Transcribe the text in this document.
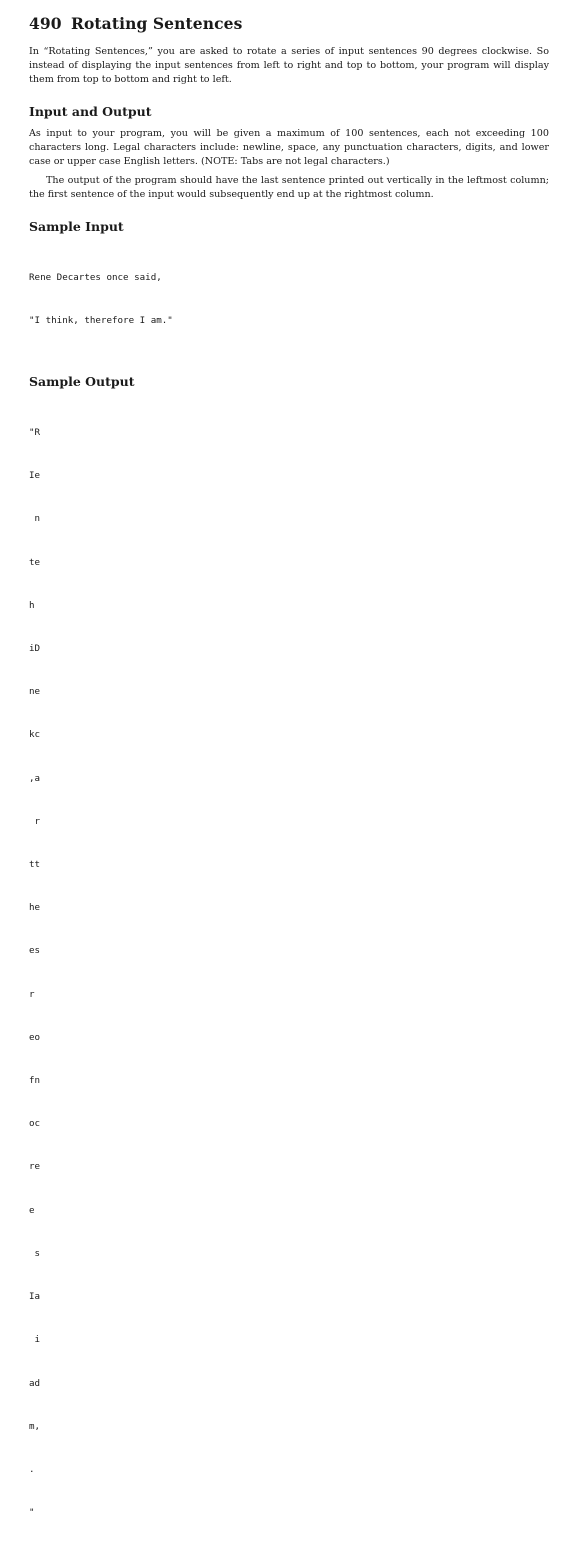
490 Rotating Sentences

In “Rotating Sentences,” you are asked to rotate a series of input sentences 90 degrees clockwise. So instead of displaying the input sentences from left to right and top to bottom, your program will display them from top to bottom and right to left.

Input and Output

As input to your program, you will be given a maximum of 100 sentences, each not exceeding 100 characters long. Legal characters include: newline, space, any punctuation characters, digits, and lower case or upper case English letters. (NOTE: Tabs are not legal characters.)

The output of the program should have the last sentence printed out vertically in the leftmost column; the first sentence of the input would subsequently end up at the rightmost column.

Sample Input

Rene Decartes once said,

"I think, therefore I am."

Sample Output

"R

Ie

n

te

h

iD

ne

kc

,a

r

tt

he

es

r

eo

fn

oc

re

e

s

Ia

i

ad

m,

.

"
